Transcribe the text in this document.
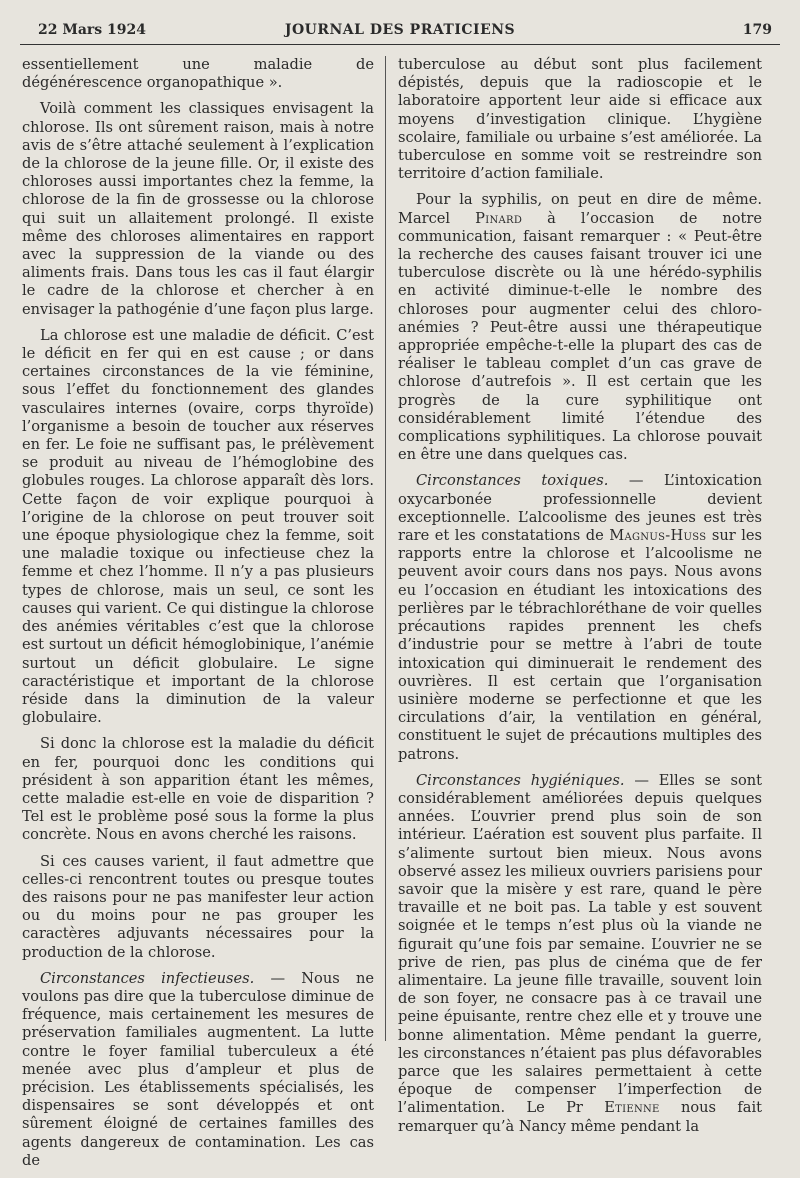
22 Mars 1924	JOURNAL DES PRATICIENS	179

essentiellement une maladie de dégénérescence organopathique ».

Voilà comment les classiques envisagent la chlorose. Ils ont sûrement raison, mais à notre avis de s’être attaché seulement à l’explication de la chlorose de la jeune fille. Or, il existe des chloroses aussi importantes chez la femme, la chlorose de la fin de grossesse ou la chlorose qui suit un allaitement prolongé. Il existe même des chloroses alimentaires en rapport avec la suppression de la viande ou des aliments frais. Dans tous les cas il faut élargir le cadre de la chlorose et chercher à en envisager la pathogénie d’une façon plus large.

La chlorose est une maladie de déficit. C’est le déficit en fer qui en est cause ; or dans certaines circonstances de la vie féminine, sous l’effet du fonctionnement des glandes vasculaires internes (ovaire, corps thyroïde) l’organisme a besoin de toucher aux réserves en fer. Le foie ne suffisant pas, le prélèvement se produit au niveau de l’hémoglobine des globules rouges. La chlorose apparaît dès lors. Cette façon de voir explique pourquoi à l’origine de la chlorose on peut trouver soit une époque physiologique chez la femme, soit une maladie toxique ou infectieuse chez la femme et chez l’homme. Il n’y a pas plusieurs types de chlorose, mais un seul, ce sont les causes qui varient. Ce qui distingue la chlorose des anémies véritables c’est que la chlorose est surtout un déficit hémoglobinique, l’anémie surtout un déficit globulaire. Le signe caractéristique et important de la chlorose réside dans la diminution de la valeur globulaire.

Si donc la chlorose est la maladie du déficit en fer, pourquoi donc les conditions qui président à son apparition étant les mêmes, cette maladie est-elle en voie de disparition ? Tel est le problème posé sous la forme la plus concrète. Nous en avons cherché les raisons.

Si ces causes varient, il faut admettre que celles-ci rencontrent toutes ou presque toutes des raisons pour ne pas manifester leur action ou du moins pour ne pas grouper les caractères adjuvants nécessaires pour la production de la chlorose.

Circonstances infectieuses. — Nous ne voulons pas dire que la tuberculose diminue de fréquence, mais certainement les mesures de préservation familiales augmentent. La lutte contre le foyer familial tuberculeux a été menée avec plus d’ampleur et plus de précision. Les établissements spécialisés, les dispensaires se sont développés et ont sûrement éloigné de certaines familles des agents dangereux de contamination. Les cas de

tuberculose au début sont plus facilement dépistés, depuis que la radioscopie et le laboratoire apportent leur aide si efficace aux moyens d’investigation clinique. L’hygiène scolaire, familiale ou urbaine s’est améliorée. La tuberculose en somme voit se restreindre son territoire d’action familiale.

Pour la syphilis, on peut en dire de même. Marcel Pinard à l’occasion de notre communication, faisant remarquer : « Peut-être la recherche des causes faisant trouver ici une tuberculose discrète ou là une hérédo-syphilis en activité diminue-t-elle le nombre des chloroses pour augmenter celui des chloro-anémies ? Peut-être aussi une thérapeutique appropriée empêche-t-elle la plupart des cas de réaliser le tableau complet d’un cas grave de chlorose d’autrefois ». Il est certain que les progrès de la cure syphilitique ont considérablement limité l’étendue des complications syphilitiques. La chlorose pouvait en être une dans quelques cas.

Circonstances toxiques. — L’intoxication oxycarbonée professionnelle devient exceptionnelle. L’alcoolisme des jeunes est très rare et les constatations de Magnus-Huss sur les rapports entre la chlorose et l’alcoolisme ne peuvent avoir cours dans nos pays. Nous avons eu l’occasion en étudiant les intoxications des perlières par le tébrachloréthane de voir quelles précautions rapides prennent les chefs d’industrie pour se mettre à l’abri de toute intoxication qui diminuerait le rendement des ouvrières. Il est certain que l’organisation usinière moderne se perfectionne et que les circulations d’air, la ventilation en général, constituent le sujet de précautions multiples des patrons.

Circonstances hygiéniques. — Elles se sont considérablement améliorées depuis quelques années. L’ouvrier prend plus soin de son intérieur. L’aération est souvent plus parfaite. Il s’alimente surtout bien mieux. Nous avons observé assez les milieux ouvriers parisiens pour savoir que la misère y est rare, quand le père travaille et ne boit pas. La table y est souvent soignée et le temps n’est plus où la viande ne figurait qu’une fois par semaine. L’ouvrier ne se prive de rien, pas plus de cinéma que de fer alimentaire. La jeune fille travaille, souvent loin de son foyer, ne consacre pas à ce travail une peine épuisante, rentre chez elle et y trouve une bonne alimentation. Même pendant la guerre, les circonstances n’étaient pas plus défavorables parce que les salaires permettaient à cette époque de compenser l’imperfection de l’alimentation. Le Pr Etienne nous fait remarquer qu’à Nancy même pendant la
